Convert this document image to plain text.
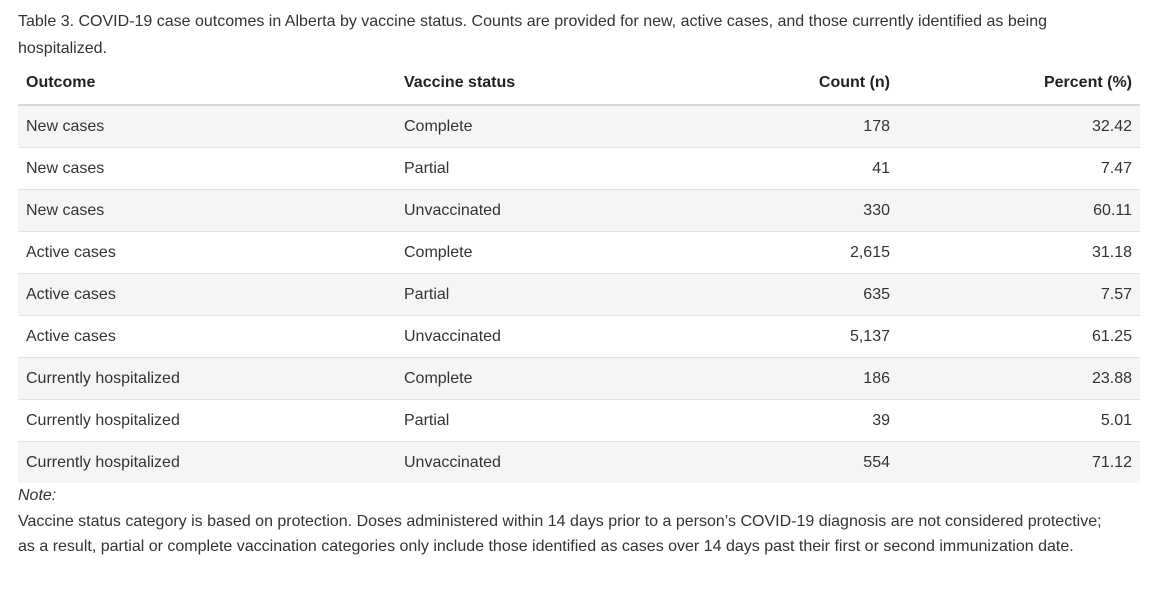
Table 3. COVID-19 case outcomes in Alberta by vaccine status. Counts are provided for new, active cases, and those currently identified as being hospitalized.
Outcome	Vaccine status	Count (n)	Percent (%)
New cases	Complete	178	32.42
New cases	Partial	41	7.47
New cases	Unvaccinated	330	60.11
Active cases	Complete	2,615	31.18
Active cases	Partial	635	7.57
Active cases	Unvaccinated	5,137	61.25
Currently hospitalized	Complete	186	23.88
Currently hospitalized	Partial	39	5.01
Currently hospitalized	Unvaccinated	554	71.12
Note:
Vaccine status category is based on protection. Doses administered within 14 days prior to a person’s COVID-19 diagnosis are not considered protective; as a result, partial or complete vaccination categories only include those identified as cases over 14 days past their first or second immunization date.
